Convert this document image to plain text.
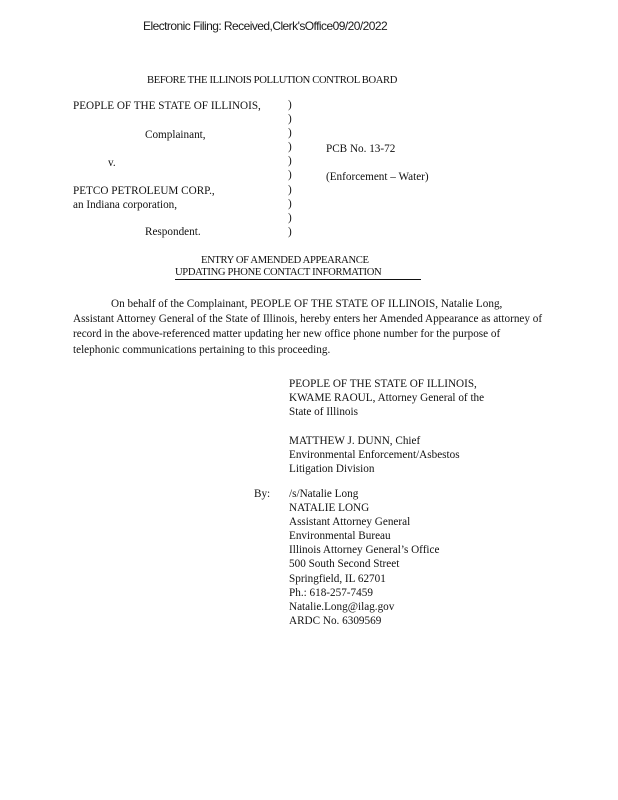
Electronic Filing: Received,Clerk'sOffice09/20/2022
BEFORE THE ILLINOIS POLLUTION CONTROL BOARD
PEOPLE OF THE STATE OF ILLINOIS,
Complainant,
v.
PETCO PETROLEUM CORP.,
an Indiana corporation,
Respondent.
)
)
)
)
)
)
)
)
)
)
PCB No. 13-72
(Enforcement – Water)
ENTRY OF AMENDED APPEARANCE
UPDATING PHONE CONTACT INFORMATION
On behalf of the Complainant, PEOPLE OF THE STATE OF ILLINOIS, Natalie Long, Assistant Attorney General of the State of Illinois, hereby enters her Amended Appearance as attorney of record in the above-referenced matter updating her new office phone number for the purpose of telephonic communications pertaining to this proceeding.
PEOPLE OF THE STATE OF ILLINOIS,
KWAME RAOUL, Attorney General of the
State of Illinois
MATTHEW J. DUNN, Chief
Environmental Enforcement/Asbestos
Litigation Division
By: /s/Natalie Long
NATALIE LONG
Assistant Attorney General
Environmental Bureau
Illinois Attorney General’s Office
500 South Second Street
Springfield, IL 62701
Ph.: 618-257-7459
Natalie.Long@ilag.gov
ARDC No. 6309569
